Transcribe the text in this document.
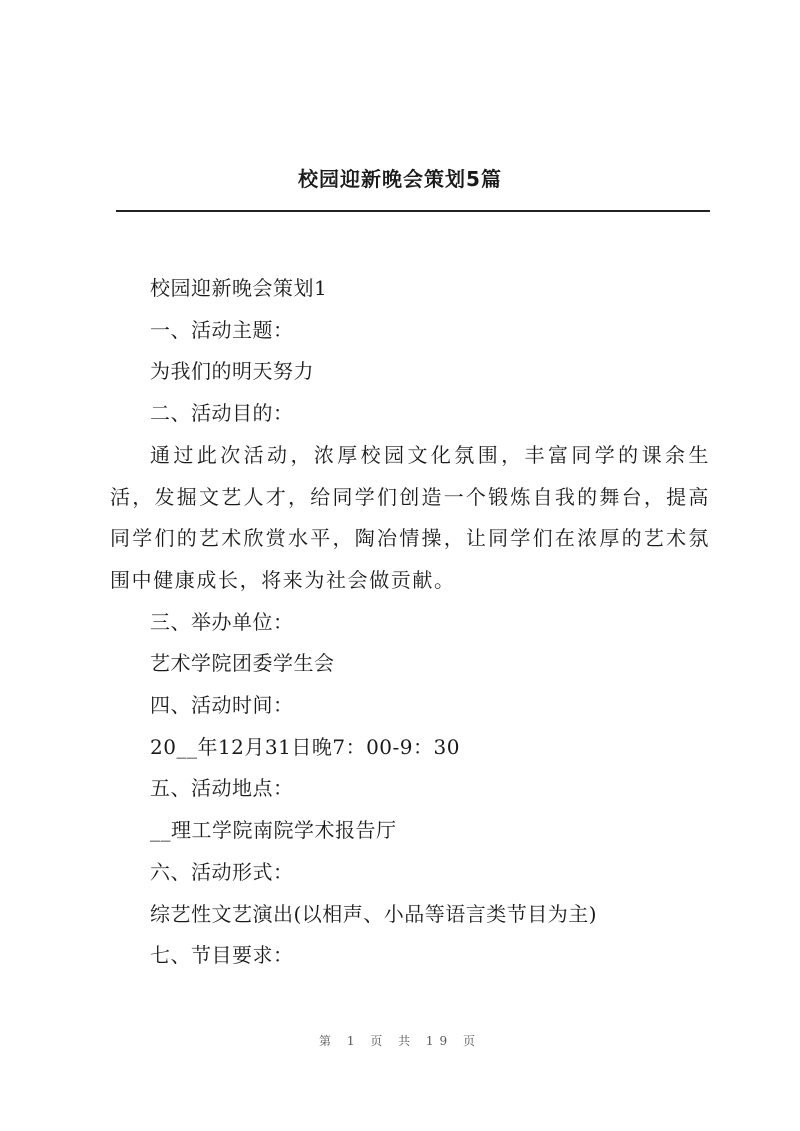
校园迎新晚会策划5篇

校园迎新晚会策划1

一、活动主题：

为我们的明天努力

二、活动目的：

通过此次活动，浓厚校园文化氛围，丰富同学的课余生活，发掘文艺人才，给同学们创造一个锻炼自我的舞台，提高同学们的艺术欣赏水平，陶冶情操，让同学们在浓厚的艺术氛围中健康成长，将来为社会做贡献。

三、举办单位：

艺术学院团委学生会

四、活动时间：

20__年12月31日晚7：00-9：30

五、活动地点：

__理工学院南院学术报告厅

六、活动形式：

综艺性文艺演出(以相声、小品等语言类节目为主)

七、节目要求：

第 1 页 共 19 页
